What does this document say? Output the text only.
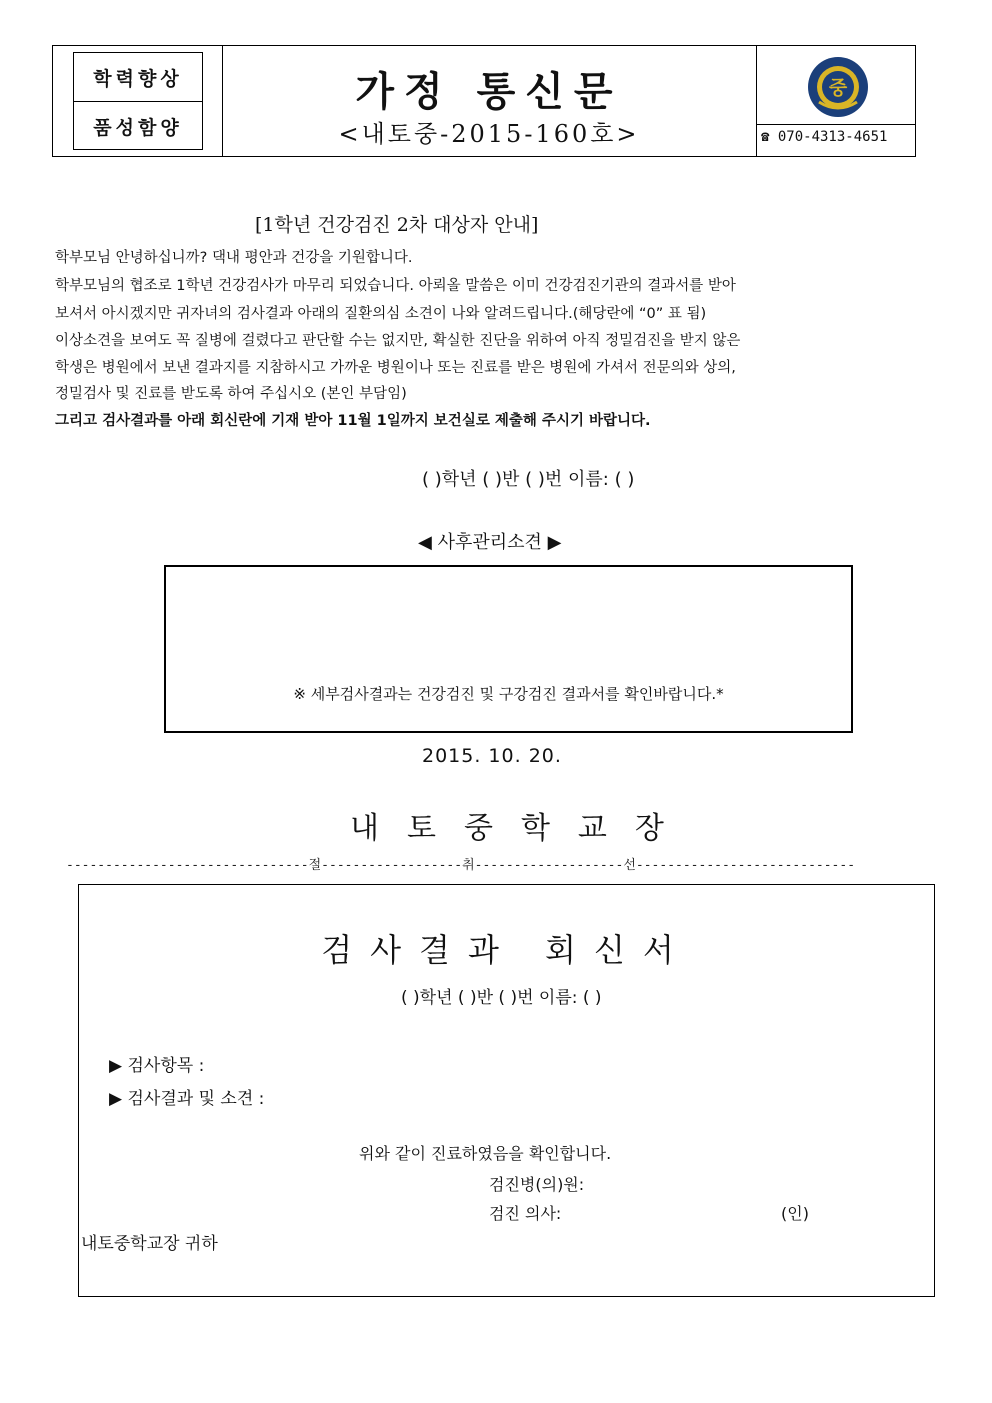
학력향상
품성함양
가정 통신문
<내토중-2015-160호>
중
☎ 070-4313-4651
[1학년 건강검진 2차 대상자 안내]
학부모님 안녕하십니까? 댁내 평안과 건강을 기원합니다.
학부모님의 협조로 1학년 건강검사가 마무리 되었습니다. 아뢰올 말씀은 이미 건강검진기관의 결과서를 받아
보셔서 아시겠지만 귀자녀의 검사결과 아래의 질환의심 소견이 나와 알려드립니다.(해당란에 “0” 표 됨)
이상소견을 보여도 꼭 질병에 걸렸다고 판단할 수는 없지만, 확실한 진단을 위하여 아직 정밀검진을 받지 않은
학생은 병원에서 보낸 결과지를 지참하시고 가까운 병원이나 또는 진료를 받은 병원에 가셔서 전문의와 상의,
정밀검사 및 진료를 받도록 하여 주십시오 (본인 부담임)
그리고 검사결과를 아래 회신란에 기재 받아 11월 1일까지 보건실로 제출해 주시기 바랍니다.
( )학년 ( )반 ( )번 이름: ( )
◀ 사후관리소견 ▶
※ 세부검사결과는 건강검진 및 구강검진 결과서를 확인바랍니다.*
2015. 10. 20.
내토중학교장
-------------------------------절------------------취-------------------선----------------------------
검사결과 회신서
( )학년 ( )반 ( )번 이름: ( )
▶ 검사항목 :
▶ 검사결과 및 소견 :
위와 같이 진료하였음을 확인합니다.
검진병(의)원:
검진 의사:	(인)
내토중학교장 귀하
